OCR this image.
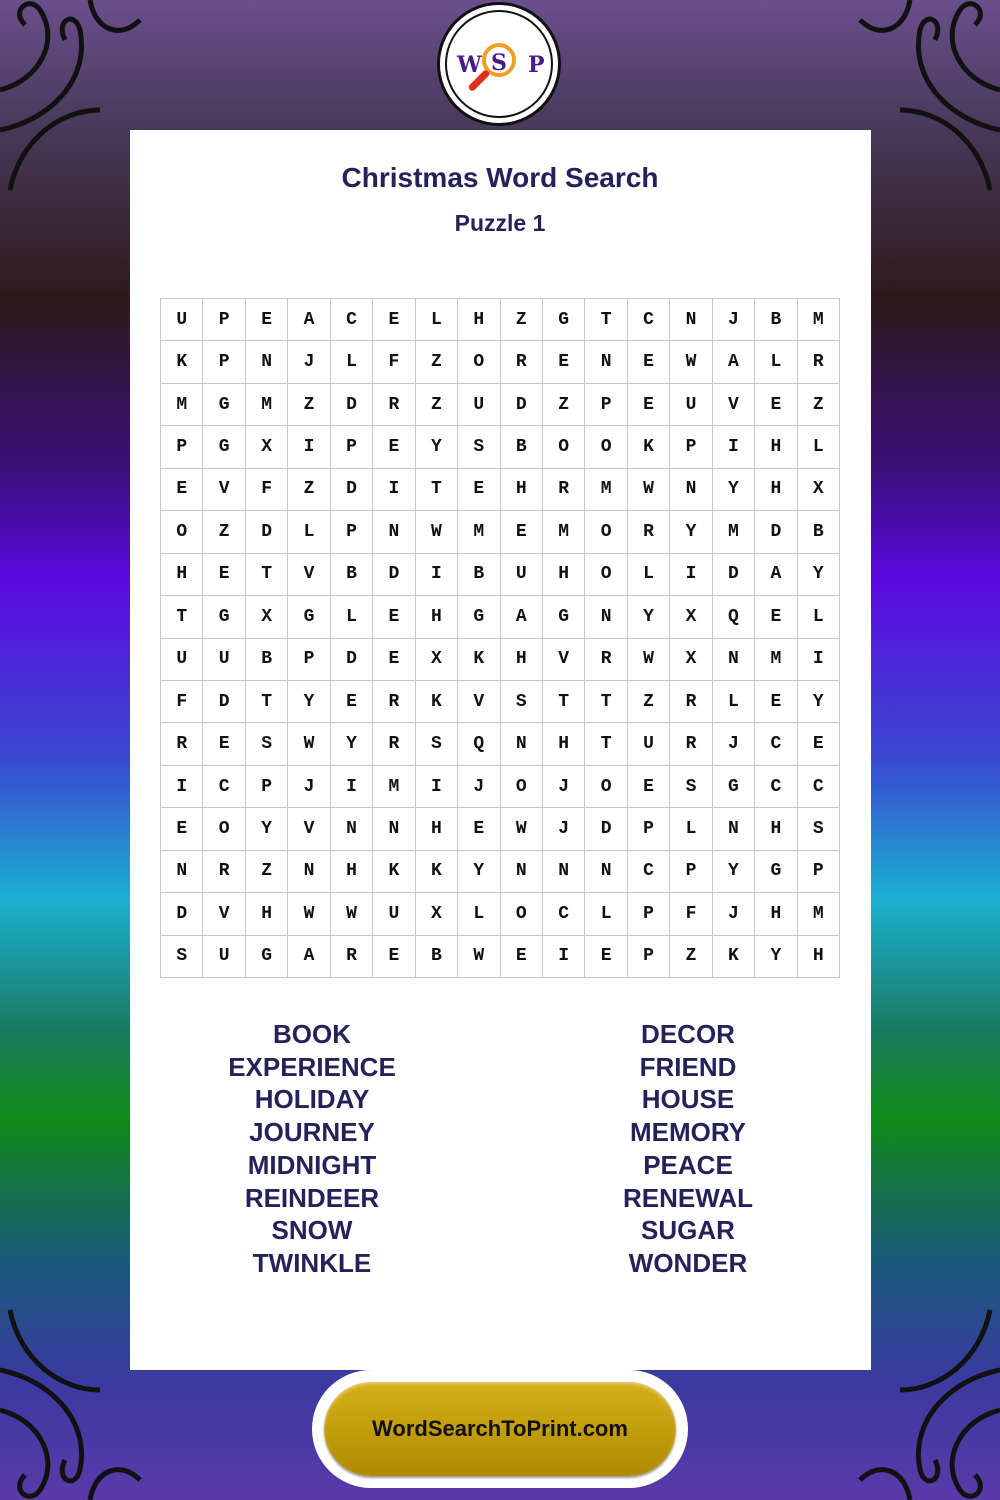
W S P
Christmas Word Search
Puzzle 1
U	P	E	A	C	E	L	H	Z	G	T	C	N	J	B	M
K	P	N	J	L	F	Z	O	R	E	N	E	W	A	L	R
M	G	M	Z	D	R	Z	U	D	Z	P	E	U	V	E	Z
P	G	X	I	P	E	Y	S	B	O	O	K	P	I	H	L
E	V	F	Z	D	I	T	E	H	R	M	W	N	Y	H	X
O	Z	D	L	P	N	W	M	E	M	O	R	Y	M	D	B
H	E	T	V	B	D	I	B	U	H	O	L	I	D	A	Y
T	G	X	G	L	E	H	G	A	G	N	Y	X	Q	E	L
U	U	B	P	D	E	X	K	H	V	R	W	X	N	M	I
F	D	T	Y	E	R	K	V	S	T	T	Z	R	L	E	Y
R	E	S	W	Y	R	S	Q	N	H	T	U	R	J	C	E
I	C	P	J	I	M	I	J	O	J	O	E	S	G	C	C
E	O	Y	V	N	N	H	E	W	J	D	P	L	N	H	S
N	R	Z	N	H	K	K	Y	N	N	N	C	P	Y	G	P
D	V	H	W	W	U	X	L	O	C	L	P	F	J	H	M
S	U	G	A	R	E	B	W	E	I	E	P	Z	K	Y	H
BOOK
EXPERIENCE
HOLIDAY
JOURNEY
MIDNIGHT
REINDEER
SNOW
TWINKLE
DECOR
FRIEND
HOUSE
MEMORY
PEACE
RENEWAL
SUGAR
WONDER
WordSearchToPrint.com
